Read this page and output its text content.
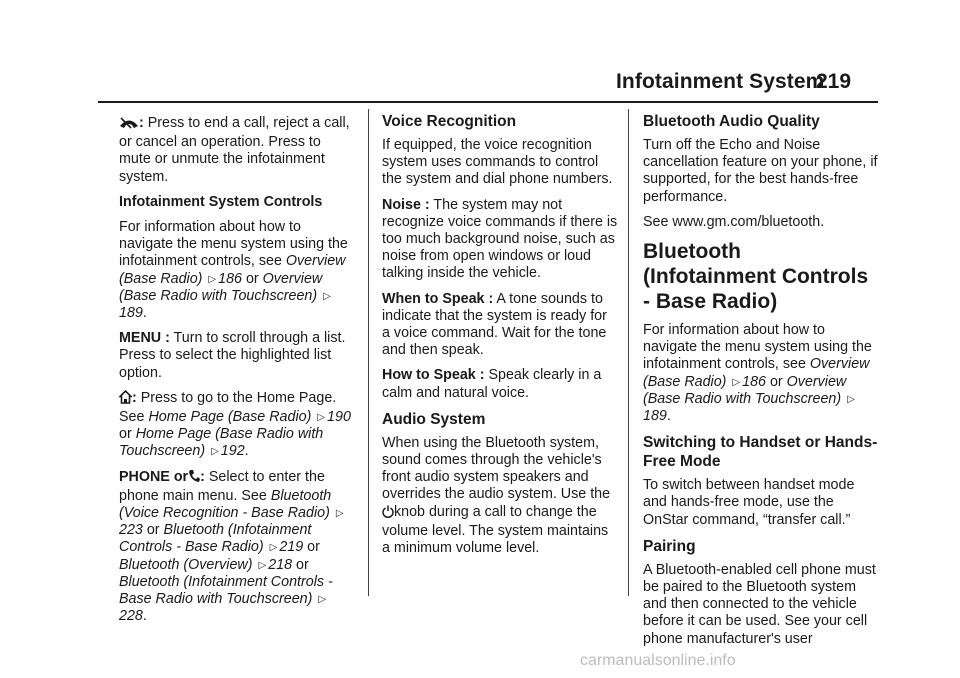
Infotainment System
219

: Press to end a call, reject a call, or cancel an operation. Press to mute or unmute the infotainment system.

Infotainment System Controls

For information about how to navigate the menu system using the infotainment controls, see Overview (Base Radio) ▷ 186 or Overview (Base Radio with Touchscreen) ▷189.

MENU : Turn to scroll through a list. Press to select the highlighted list option.

: Press to go to the Home Page. See Home Page (Base Radio) ▷ 190 or Home Page (Base Radio with Touchscreen) ▷ 192.

PHONE or : Select to enter the phone main menu. See Bluetooth (Voice Recognition - Base Radio) ▷223 or Bluetooth (Infotainment Controls - Base Radio) ▷ 219 or Bluetooth (Overview) ▷ 218 or Bluetooth (Infotainment Controls - Base Radio with Touchscreen) ▷228.

Voice Recognition

If equipped, the voice recognition system uses commands to control the system and dial phone numbers.

Noise : The system may not recognize voice commands if there is too much background noise, such as noise from open windows or loud talking inside the vehicle.

When to Speak : A tone sounds to indicate that the system is ready for a voice command. Wait for the tone and then speak.

How to Speak : Speak clearly in a calm and natural voice.

Audio System

When using the Bluetooth system, sound comes through the vehicle's front audio system speakers and overrides the audio system. Use the knob during a call to change the volume level. The system maintains a minimum volume level.

Bluetooth Audio Quality

Turn off the Echo and Noise cancellation feature on your phone, if supported, for the best hands-free performance.

See www.gm.com/bluetooth.

Bluetooth (Infotainment Controls - Base Radio)

For information about how to navigate the menu system using the infotainment controls, see Overview (Base Radio) ▷ 186 or Overview (Base Radio with Touchscreen) ▷189.

Switching to Handset or Hands-Free Mode

To switch between handset mode and hands-free mode, use the OnStar command, “transfer call.”

Pairing

A Bluetooth-enabled cell phone must be paired to the Bluetooth system and then connected to the vehicle before it can be used. See your cell phone manufacturer's user

carmanualsonline.info
